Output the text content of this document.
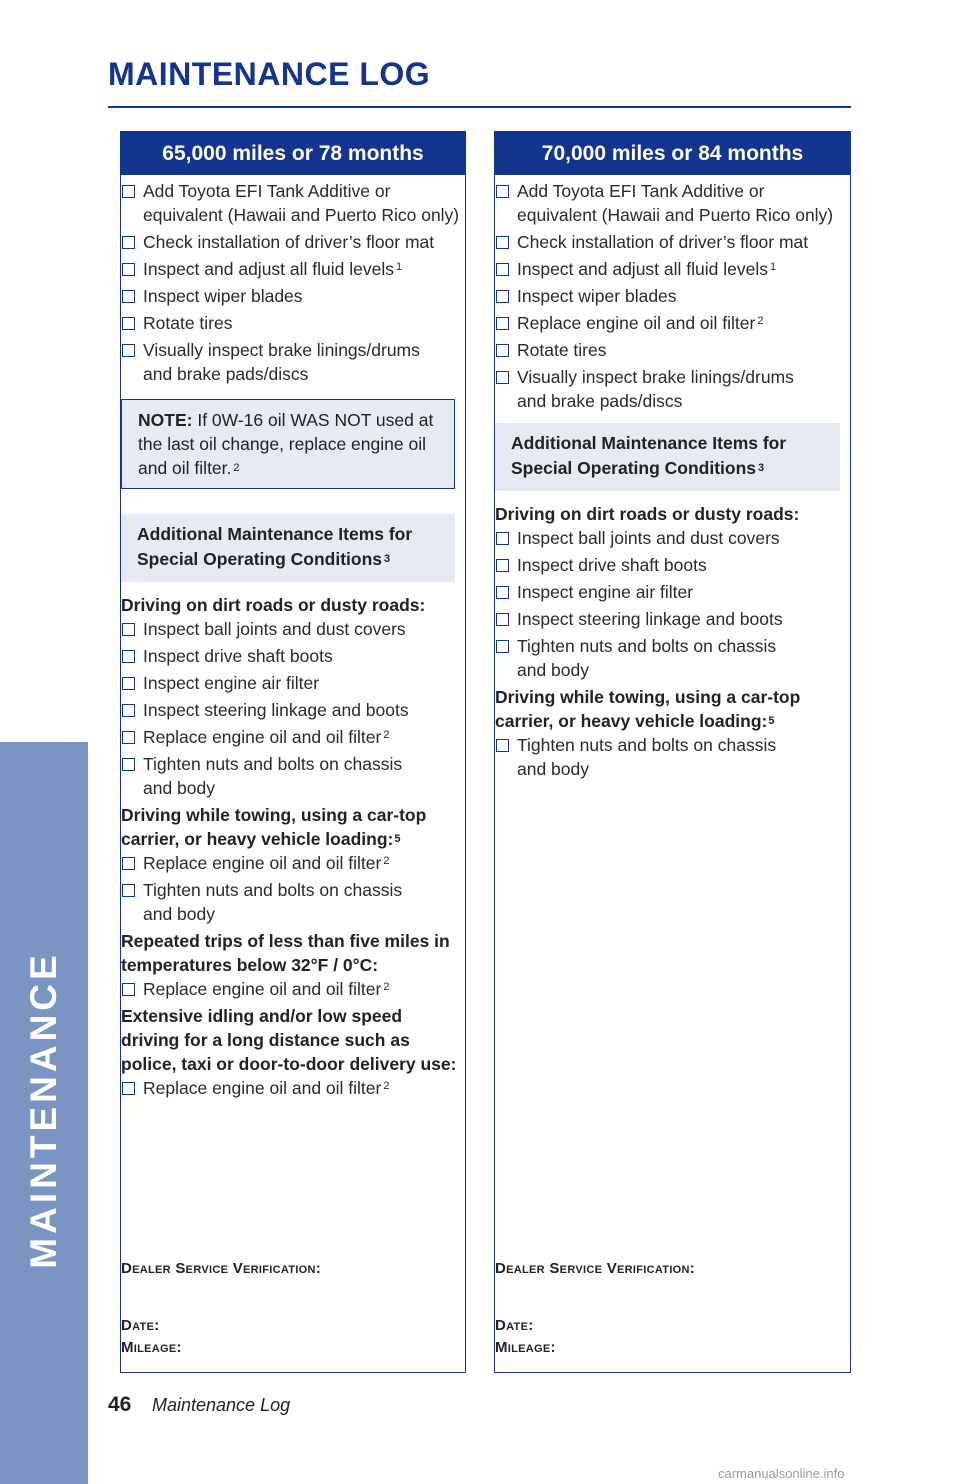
MAINTENANCE
MAINTENANCE LOG
65,000 miles or 78 months
Add Toyota EFI Tank Additive or
equivalent (Hawaii and Puerto Rico only)
Check installation of driver’s floor mat
Inspect and adjust all fluid levels $^1$
Inspect wiper blades
Rotate tires
Visually inspect brake linings/drums
and brake pads/discs
NOTE: If 0W-16 oil WAS NOT used at the last oil change, replace engine oil and oil filter. $^2$
Additional Maintenance Items for Special Operating Conditions $^3$
Driving on dirt roads or dusty roads:
Inspect ball joints and dust covers
Inspect drive shaft boots
Inspect engine air filter
Inspect steering linkage and boots
Replace engine oil and oil filter $^2$
Tighten nuts and bolts on chassis
and body
Driving while towing, using a car-top carrier, or heavy vehicle loading:$^5$
Replace engine oil and oil filter $^2$
Tighten nuts and bolts on chassis
and body
Repeated trips of less than five miles in temperatures below 32°F / 0°C:
Replace engine oil and oil filter $^2$
Extensive idling and/or low speed driving for a long distance such as police, taxi or door-to-door delivery use:
Replace engine oil and oil filter $^2$
Dealer Service Verification:
Date:
Mileage:
70,000 miles or 84 months
Add Toyota EFI Tank Additive or
equivalent (Hawaii and Puerto Rico only)
Check installation of driver’s floor mat
Inspect and adjust all fluid levels $^1$
Inspect wiper blades
Replace engine oil and oil filter $^2$
Rotate tires
Visually inspect brake linings/drums
and brake pads/discs
Additional Maintenance Items for Special Operating Conditions $^3$
Driving on dirt roads or dusty roads:
Inspect ball joints and dust covers
Inspect drive shaft boots
Inspect engine air filter
Inspect steering linkage and boots
Tighten nuts and bolts on chassis
and body
Driving while towing, using a car-top carrier, or heavy vehicle loading:$^5$
Tighten nuts and bolts on chassis
and body
Dealer Service Verification:
Date:
Mileage:
46 Maintenance Log
carmanualsonline.info
